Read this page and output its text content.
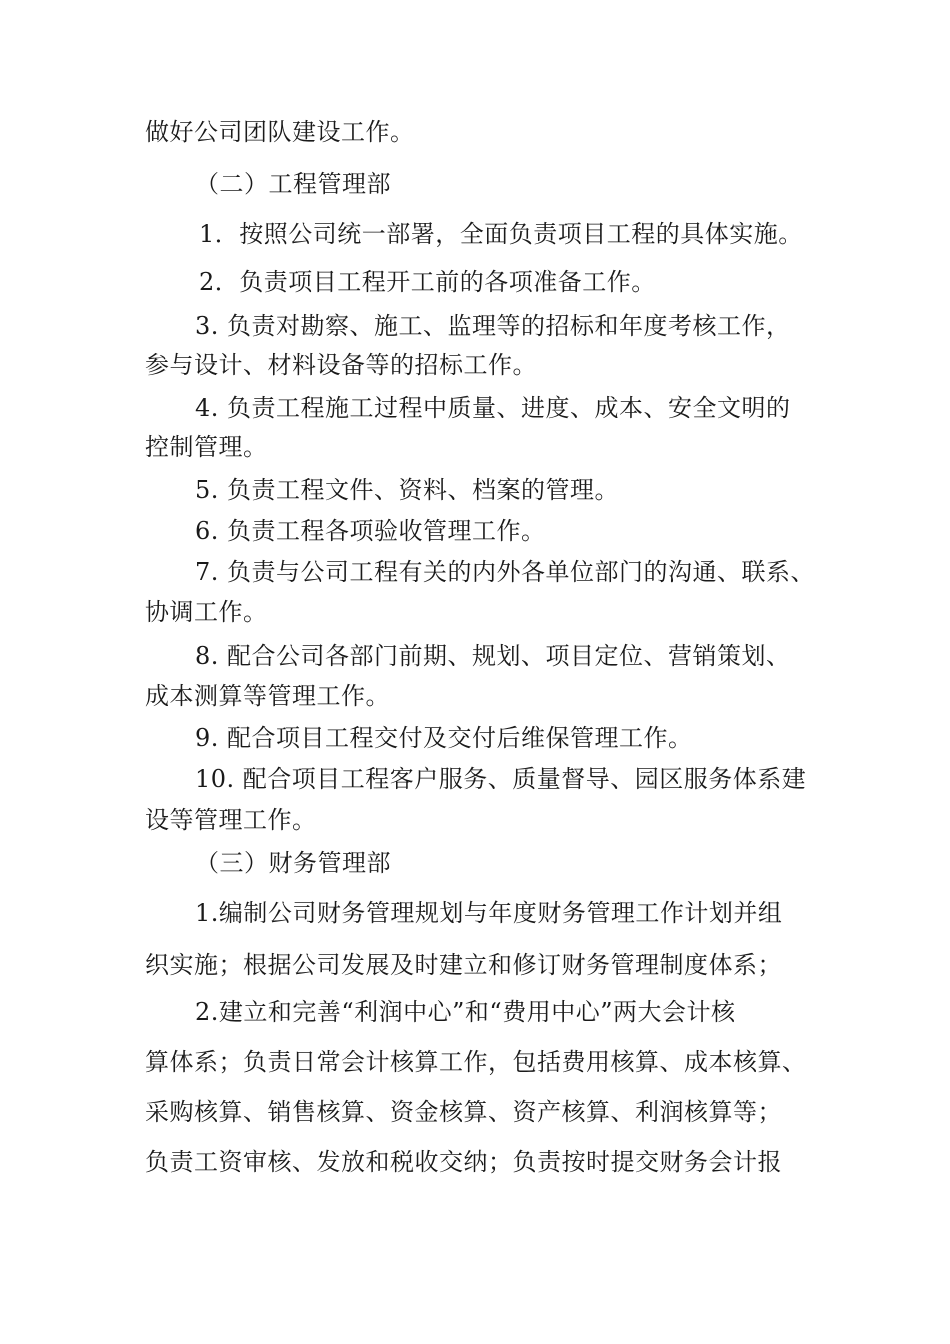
做好公司团队建设工作。
（二）工程管理部
1．按照公司统一部署，全面负责项目工程的具体实施。
2．负责项目工程开工前的各项准备工作。
3. 负责对勘察、施工、监理等的招标和年度考核工作，
参与设计、材料设备等的招标工作。
4. 负责工程施工过程中质量、进度、成本、安全文明的
控制管理。
5. 负责工程文件、资料、档案的管理。
6. 负责工程各项验收管理工作。
7. 负责与公司工程有关的内外各单位部门的沟通、联系、
协调工作。
8. 配合公司各部门前期、规划、项目定位、营销策划、
成本测算等管理工作。
9. 配合项目工程交付及交付后维保管理工作。
10. 配合项目工程客户服务、质量督导、园区服务体系建
设等管理工作。
（三）财务管理部
1.编制公司财务管理规划与年度财务管理工作计划并组
织实施；根据公司发展及时建立和修订财务管理制度体系；
2.建立和完善“利润中心”和“费用中心”两大会计核
算体系；负责日常会计核算工作，包括费用核算、成本核算、
采购核算、销售核算、资金核算、资产核算、利润核算等；
负责工资审核、发放和税收交纳；负责按时提交财务会计报
